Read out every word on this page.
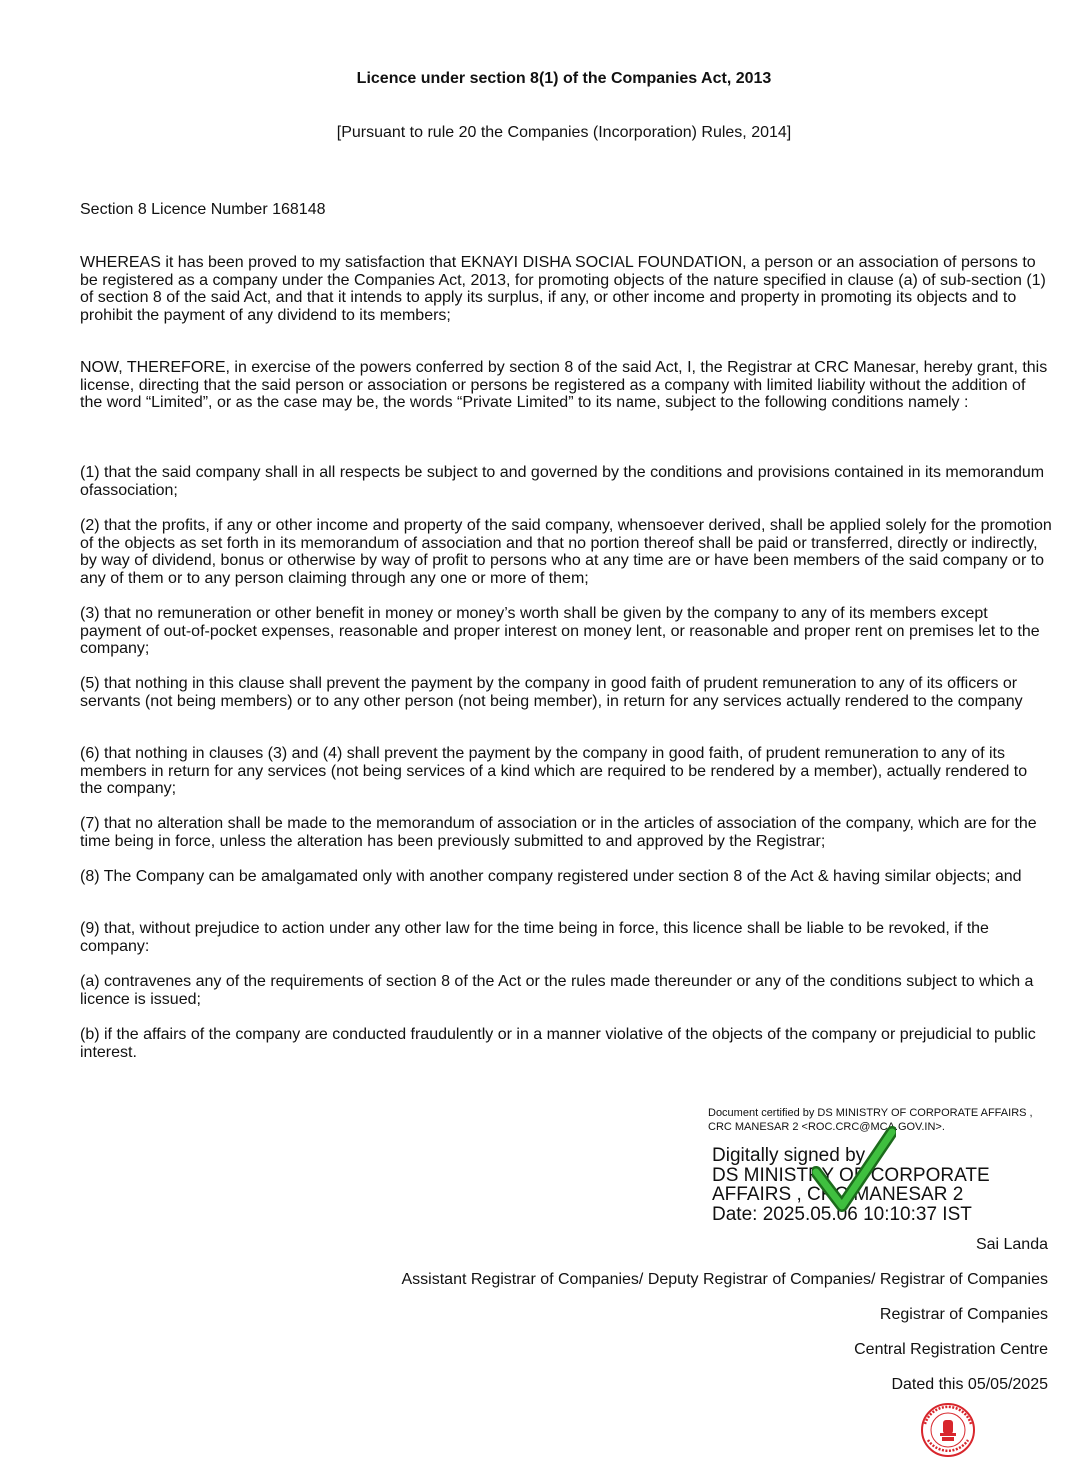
Licence under section 8(1) of the Companies Act, 2013
[Pursuant to rule 20 the Companies (Incorporation) Rules, 2014]
Section 8 Licence Number 168148

WHEREAS it has been proved to my satisfaction that EKNAYI DISHA SOCIAL FOUNDATION, a person or an association of persons to be registered as a company under the Companies Act, 2013, for promoting objects of the nature specified in clause (a) of sub-section (1) of section 8 of the said Act, and that it intends to apply its surplus, if any, or other income and property in promoting its objects and to prohibit the payment of any dividend to its members;

NOW, THEREFORE, in exercise of the powers conferred by section 8 of the said Act, I, the Registrar at CRC Manesar, hereby grant, this license, directing that the said person or association or persons be registered as a company with limited liability without the addition of the word “Limited”, or as the case may be, the words “Private Limited” to its name, subject to the following conditions namely :

(1) that the said company shall in all respects be subject to and governed by the conditions and provisions contained in its memorandum ofassociation;

(2) that the profits, if any or other income and property of the said company, whensoever derived, shall be applied solely for the promotion of the objects as set forth in its memorandum of association and that no portion thereof shall be paid or transferred, directly or indirectly, by way of dividend, bonus or otherwise by way of profit to persons who at any time are or have been members of the said company or to any of them or to any person claiming through any one or more of them;

(3) that no remuneration or other benefit in money or money’s worth shall be given by the company to any of its members except payment of out-of-pocket expenses, reasonable and proper interest on money lent, or reasonable and proper rent on premises let to the company;

(5) that nothing in this clause shall prevent the payment by the company in good faith of prudent remuneration to any of its officers or servants (not being members) or to any other person (not being member), in return for any services actually rendered to the company

(6) that nothing in clauses (3) and (4) shall prevent the payment by the company in good faith, of prudent remuneration to any of its members in return for any services (not being services of a kind which are required to be rendered by a member), actually rendered to the company;

(7) that no alteration shall be made to the memorandum of association or in the articles of association of the company, which are for the time being in force, unless the alteration has been previously submitted to and approved by the Registrar;

(8) The Company can be amalgamated only with another company registered under section 8 of the Act & having similar objects; and

(9) that, without prejudice to action under any other law for the time being in force, this licence shall be liable to be revoked, if the company:

(a) contravenes any of the requirements of section 8 of the Act or the rules made thereunder or any of the conditions subject to which a licence is issued;

(b) if the affairs of the company are conducted fraudulently or in a manner violative of the objects of the company or prejudicial to public interest.

Document certified by DS MINISTRY OF CORPORATE AFFAIRS , CRC MANESAR 2 <ROC.CRC@MCA.GOV.IN>.
Digitally signed by
DS MINISTRY OF CORPORATE
AFFAIRS , CRC MANESAR 2
Date: 2025.05.06 10:10:37 IST
Sai Landa
Assistant Registrar of Companies/ Deputy Registrar of Companies/ Registrar of Companies
Registrar of Companies
Central Registration Centre
Dated this 05/05/2025
